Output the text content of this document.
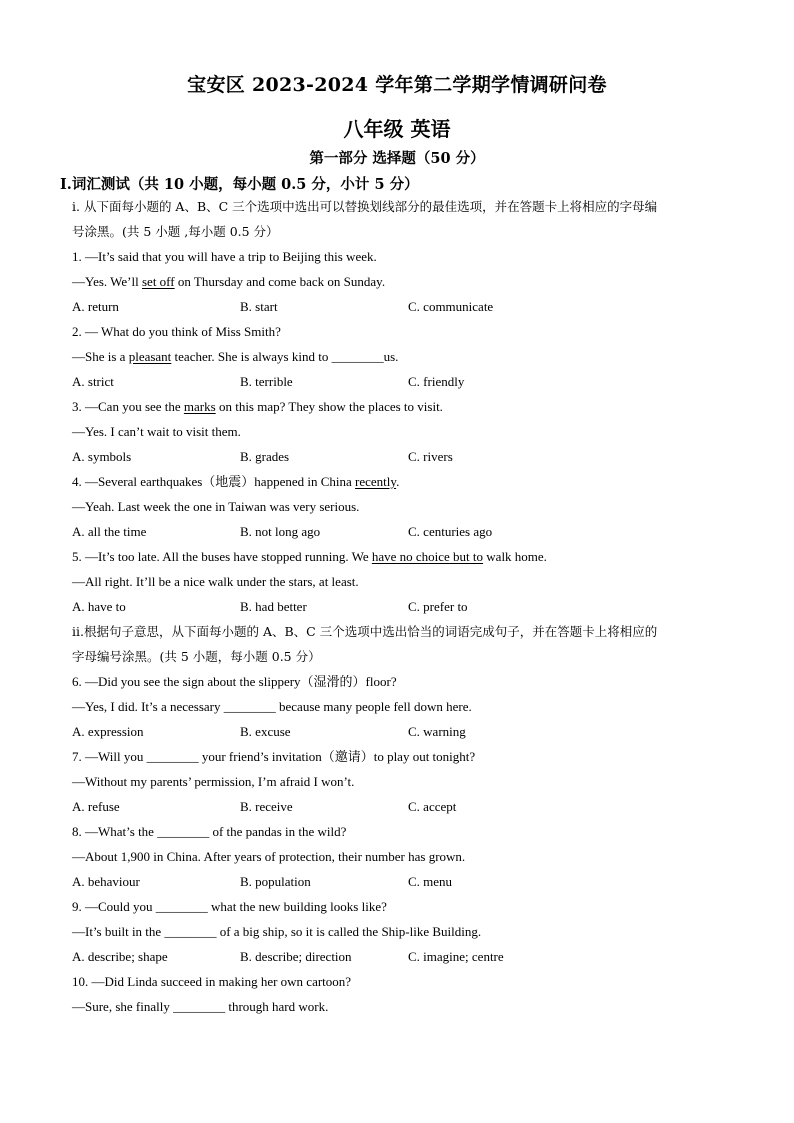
宝安区 2023-2024 学年第二学期学情调研问卷
八年级 英语
第一部分 选择题（50 分）
Ⅰ.词汇测试（共 10 小题，每小题 0.5 分，小计 5 分）
i. 从下面每小题的 A、B、C 三个选项中选出可以替换划线部分的最佳选项，并在答题卡上将相应的字母编
号涂黑。(共 5 小题 ,每小题 0.5 分）
1. —It’s said that you will have a trip to Beijing this week.
—Yes. We’ll set off on Thursday and come back on Sunday.
A. return	B. start	C. communicate
2. — What do you think of Miss Smith?
—She is a pleasant teacher. She is always kind to ________us.
A. strict	B. terrible	C. friendly
3. —Can you see the marks on this map? They show the places to visit.
—Yes. I can’t wait to visit them.
A. symbols	B. grades	C. rivers
4. —Several earthquakes（地震）happened in China recently.
—Yeah. Last week the one in Taiwan was very serious.
A. all the time	B. not long ago	C. centuries ago
5. —It’s too late. All the buses have stopped running. We have no choice but to walk home.
—All right. It’ll be a nice walk under the stars, at least.
A. have to	B. had better	C. prefer to
ii.根据句子意思，从下面每小题的 A、B、C 三个选项中选出恰当的词语完成句子，并在答题卡上将相应的
字母编号涂黑。(共 5 小题，每小题 0.5 分）
6. —Did you see the sign about the slippery（湿滑的）floor?
—Yes, I did. It’s a necessary ________ because many people fell down here.
A. expression	B. excuse	C. warning
7. —Will you ________ your friend’s invitation（邀请）to play out tonight?
—Without my parents’ permission, I’m afraid I won’t.
A. refuse	B. receive	C. accept
8. —What’s the ________ of the pandas in the wild?
—About 1,900 in China. After years of protection, their number has grown.
A. behaviour	B. population	C. menu
9. —Could you ________ what the new building looks like?
—It’s built in the ________ of a big ship, so it is called the Ship-like Building.
A. describe; shape	B. describe; direction	C. imagine; centre
10. —Did Linda succeed in making her own cartoon?
—Sure, she finally ________ through hard work.
